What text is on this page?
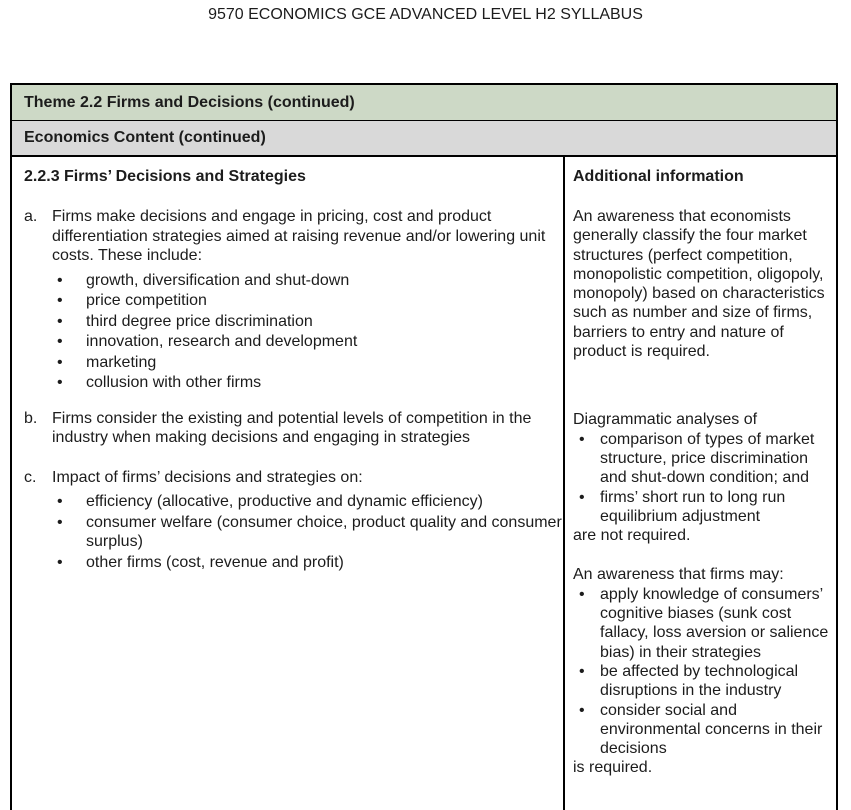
9570 ECONOMICS GCE ADVANCED LEVEL H2 SYLLABUS
Theme 2.2 Firms and Decisions (continued)
Economics Content (continued)
2.2.3 Firms’ Decisions and Strategies
a. Firms make decisions and engage in pricing, cost and product differentiation strategies aimed at raising revenue and/or lowering unit costs. These include:

•	growth, diversification and shut-down
•	price competition
•	third degree price discrimination
•	innovation, research and development
•	marketing
•	collusion with other firms
b. Firms consider the existing and potential levels of competition in the industry when making decisions and engaging in strategies

c. Impact of firms’ decisions and strategies on:

•	efficiency (allocative, productive and dynamic efficiency)
•	consumer welfare (consumer choice, product quality and consumer surplus)
•	other firms (cost, revenue and profit)
Additional information

An awareness that economists generally classify the four market structures (perfect competition, monopolistic competition, oligopoly, monopoly) based on characteristics such as number and size of firms, barriers to entry and nature of product is required.

Diagrammatic analyses of

• comparison of types of market structure, price discrimination and shut-down condition; and
• firms’ short run to long run equilibrium adjustment

are not required.

An awareness that firms may:

• apply knowledge of consumers’ cognitive biases (sunk cost fallacy, loss aversion or salience bias) in their strategies
• be affected by technological disruptions in the industry
• consider social and environmental concerns in their decisions

is required.
